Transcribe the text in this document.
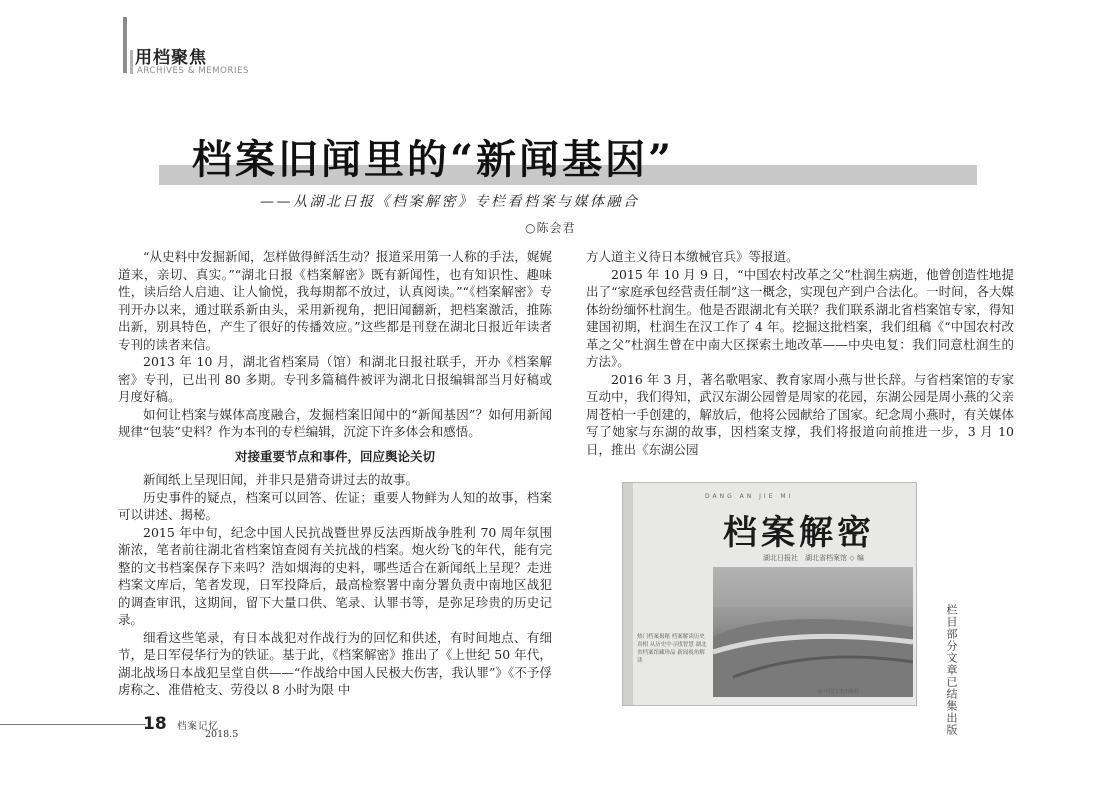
用档聚焦
ARCHIVES & MEMORIES
档案旧闻里的“新闻基因”
——从湖北日报《档案解密》专栏看档案与媒体融合
○陈会君

“从史料中发掘新闻，怎样做得鲜活生动？报道采用第一人称的手法，娓娓道来，亲切、真实。”“湖北日报《档案解密》既有新闻性，也有知识性、趣味性，读后给人启迪、让人愉悦，我每期都不放过，认真阅读。”“《档案解密》专刊开办以来，通过联系新由头，采用新视角，把旧闻翻新，把档案激活，推陈出新，别具特色，产生了很好的传播效应。”这些都是刊登在湖北日报近年读者专刊的读者来信。

2013 年 10 月，湖北省档案局（馆）和湖北日报社联手，开办《档案解密》专刊，已出刊 80 多期。专刊多篇稿件被评为湖北日报编辑部当月好稿或月度好稿。

如何让档案与媒体高度融合，发掘档案旧闻中的“新闻基因”？如何用新闻规律“包装”史料？作为本刊的专栏编辑，沉淀下许多体会和感悟。

对接重要节点和事件，回应舆论关切

新闻纸上呈现旧闻，并非只是猎奇讲过去的故事。

历史事件的疑点，档案可以回答、佐证；重要人物鲜为人知的故事，档案可以讲述、揭秘。

2015 年中旬，纪念中国人民抗战暨世界反法西斯战争胜利 70 周年氛围渐浓，笔者前往湖北省档案馆查阅有关抗战的档案。炮火纷飞的年代，能有完整的文书档案保存下来吗？浩如烟海的史料，哪些适合在新闻纸上呈现？走进档案文库后，笔者发现，日军投降后，最高检察署中南分署负责中南地区战犯的调查审讯，这期间，留下大量口供、笔录、认罪书等，是弥足珍贵的历史记录。

细看这些笔录，有日本战犯对作战行为的回忆和供述，有时间地点、有细节，是日军侵华行为的铁证。基于此，《档案解密》推出了《上世纪 50 年代，湖北战场日本战犯呈堂自供——“作战给中国人民极大伤害，我认罪”》《不予俘虏称之、准借枪支、劳役以 8 小时为限 中

方人道主义待日本缴械官兵》等报道。

2015 年 10 月 9 日，“中国农村改革之父”杜润生病逝，他曾创造性地提出了“家庭承包经营责任制”这一概念，实现包产到户合法化。一时间，各大媒体纷纷缅怀杜润生。他是否跟湖北有关联？我们联系湖北省档案馆专家，得知建国初期，杜润生在汉工作了 4 年。挖掘这批档案，我们组稿《“中国农村改革之父”杜润生曾在中南大区探索土地改革——中央电复：我们同意杜润生的方法》。

2016 年 3 月，著名歌唱家、教育家周小燕与世长辞。与省档案馆的专家互动中，我们得知，武汉东湖公园曾是周家的花园，东湖公园是周小燕的父亲周苍柏一手创建的，解放后，他将公园献给了国家。纪念周小燕时，有关媒体写了她家与东湖的故事，因档案支撑，我们将报道向前推进一步，3 月 10 日，推出《东湖公园

DANG AN JIE MI
档案解密
湖北日报社　湖北省档案馆 ◇ 编
热门档案揭秘 档案解读历史真相 从历史中寻找智慧 湖北省档案馆藏珍品 新闻视角解读
◎ 中国文史出版社	栏目部分文章已结集出版
18 档案记忆
2018.5
